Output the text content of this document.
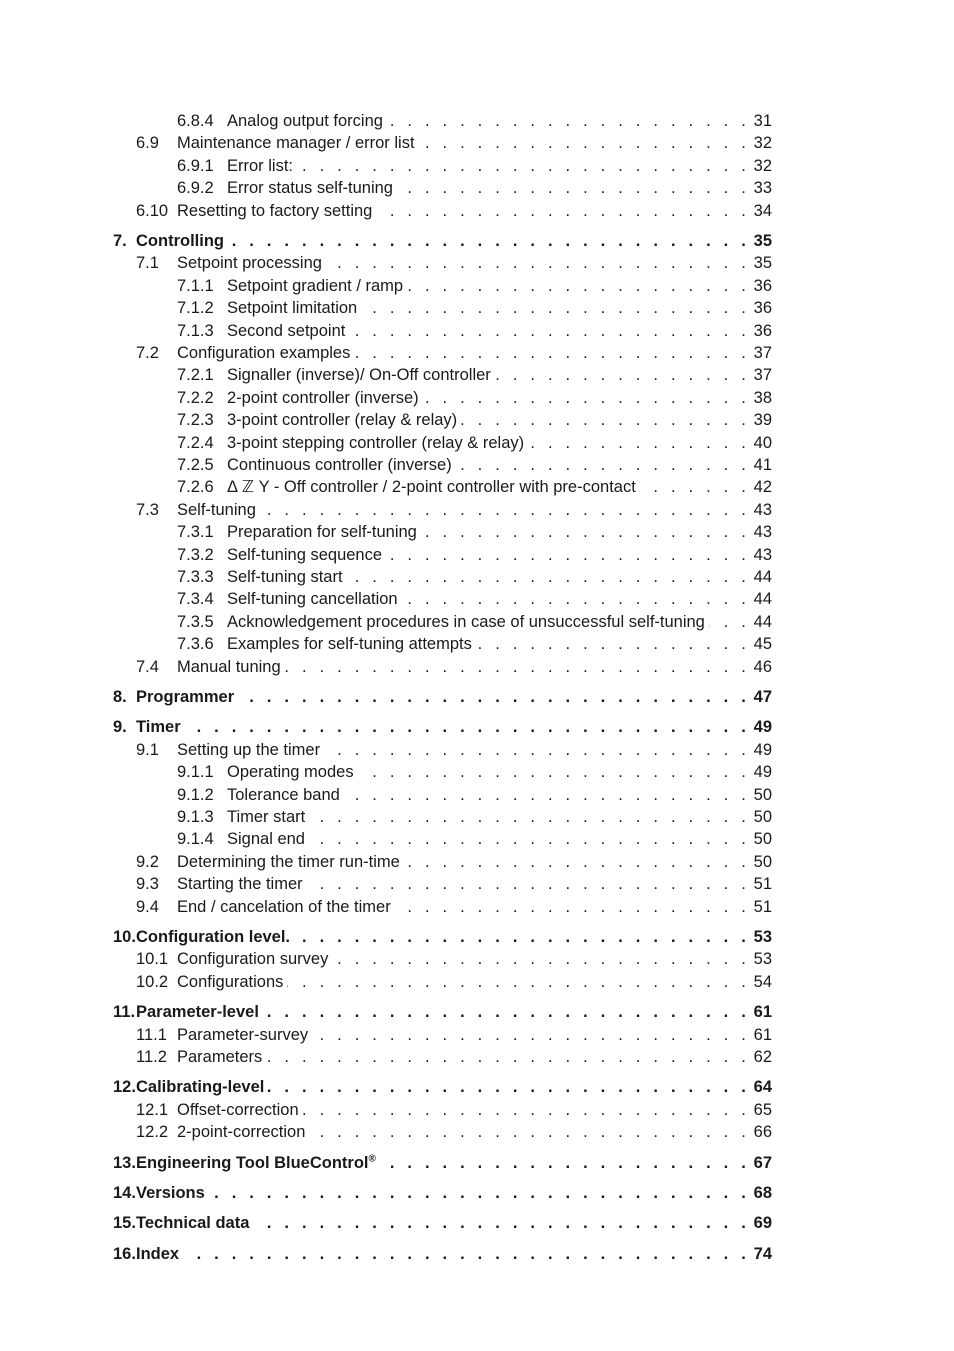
. . .
6.8.4 Analog output forcing	31
. . .
6.9 Maintenance manager / error list	32
. . .
6.9.1 Error list:	32
. . .
6.9.2 Error status self-tuning	33
. . .
6.10 Resetting to factory setting	34
. . .
7. Controlling	35
. . .
7.1 Setpoint processing	35
. . .
7.1.1 Setpoint gradient / ramp	36
. . .
7.1.2 Setpoint limitation	36
. . .
7.1.3 Second setpoint	36
. . .
7.2 Configuration examples	37
. . .
7.2.1 Signaller (inverse)/ On-Off controller	37
. . .
7.2.2 2-point controller (inverse)	38
. . .
7.2.3 3-point controller (relay & relay)	39
. . .
7.2.4 3-point stepping controller (relay & relay)	40
. . .
7.2.5 Continuous controller (inverse)	41
. . .
7.2.6 Δ ℤ Y - Off controller / 2-point controller with pre-contact	42
. . .
7.3 Self-tuning	43
. . .
7.3.1 Preparation for self-tuning	43
. . .
7.3.2 Self-tuning sequence	43
. . .
7.3.3 Self-tuning start	44
. . .
7.3.4 Self-tuning cancellation	44
. . .
7.3.5 Acknowledgement procedures in case of unsuccessful self-tuning	44
. . .
7.3.6 Examples for self-tuning attempts	45
. . .
7.4 Manual tuning	46
. . .
8. Programmer	47
. . .
9. Timer	49
. . .
9.1 Setting up the timer	49
. . .
9.1.1 Operating modes	49
. . .
9.1.2 Tolerance band	50
. . .
9.1.3 Timer start	50
. . .
9.1.4 Signal end	50
. . .
9.2 Determining the timer run-time	50
. . .
9.3 Starting the timer	51
. . .
9.4 End / cancelation of the timer	51
. . .
10. Configuration level.	53
. . .
10.1 Configuration survey	53
. . .
10.2 Configurations	54
. . .
11. Parameter-level	61
. . .
11.1 Parameter-survey	61
. . .
11.2 Parameters	62
. . .
12. Calibrating-level	64
. . .
12.1 Offset-correction	65
. . .
12.2 2-point-correction	66
. . .
13. Engineering Tool BlueControl®	67
. . .
14. Versions	68
. . .
15. Technical data	69
. . .
16. Index	74
